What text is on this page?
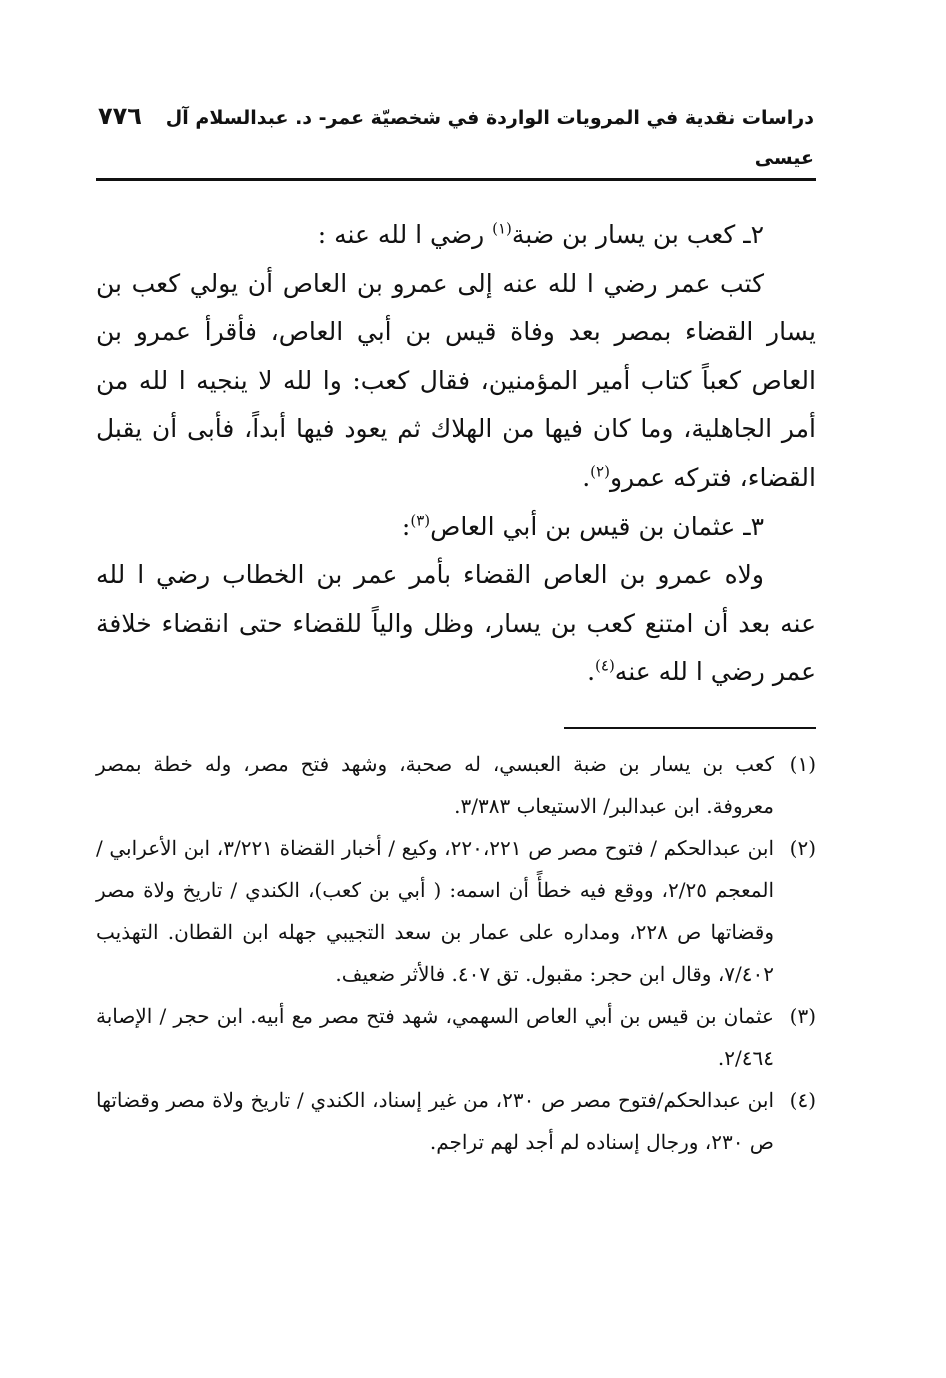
دراسات نقدية في المرويات الواردة في شخصيّة عمر- د. عبدالسلام آل عيسى
٧٧٦

٢ـ كعب بن يسار بن ضبة$^{(١)}$ رضي ا لله عنه :

كتب عمر رضي ا لله عنه إلى عمرو بن العاص أن يولي كعب بن يسار القضاء بمصر بعد وفاة قيس بن أبي العاص، فأقرأ عمرو بن العاص كعباً كتاب أمير المؤمنين، فقال كعب: وا لله لا ينجيه ا لله من أمر الجاهلية، وما كان فيها من الهلاك ثم يعود فيها أبداً، فأبى أن يقبل القضاء، فتركه عمرو$^{(٢)}$.

٣ـ عثمان بن قيس بن أبي العاص$^{(٣)}$:

ولاه عمرو بن العاص القضاء بأمر عمر بن الخطاب رضي ا لله عنه بعد أن امتنع كعب بن يسار، وظل والياً للقضاء حتى انقضاء خلافة عمر رضي ا لله عنه$^{(٤)}$.

(١)
كعب بن يسار بن ضبة العبسي، له صحبة، وشهد فتح مصر، وله خطة بمصر معروفة. ابن عبدالبر/ الاستيعاب ٣/٣٨٣.
(٢)
ابن عبدالحكم / فتوح مصر ص ٢٢٠،٢٢١، وكيع / أخبار القضاة ٣/٢٢١، ابن الأعرابي / المعجم ٢/٢٥، ووقع فيه خطأً أن اسمه: ( أبي بن كعب)، الكندي / تاريخ ولاة مصر وقضاتها ص ٢٢٨، ومداره على عمار بن سعد التجيبي جهله ابن القطان. التهذيب ٧/٤٠٢، وقال ابن حجر: مقبول. تق ٤٠٧. فالأثر ضعيف.
(٣)
عثمان بن قيس بن أبي العاص السهمي، شهد فتح مصر مع أبيه. ابن حجر / الإصابة ٢/٤٦٤.
(٤)
ابن عبدالحكم/فتوح مصر ص ٢٣٠، من غير إسناد، الكندي / تاريخ ولاة مصر وقضاتها ص ٢٣٠، ورجال إسناده لم أجد لهم تراجم.
